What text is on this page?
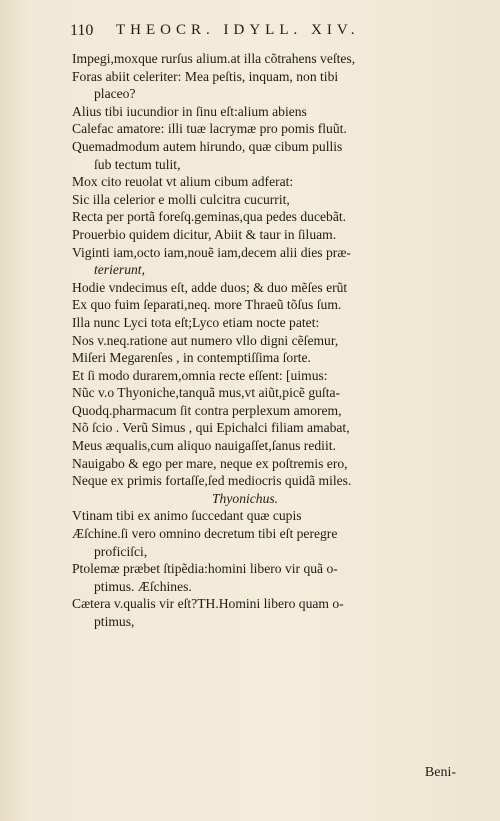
110 THEOCR. IDYLL. XIV.
Impegi,moxque rurſus alium.at illa cõtrahens veſtes,
Foras abiit celeriter: Mea peſtis, inquam, non tibi
placeo?
Alius tibi iucundior in ſinu eſt:alium abiens
Calefac amatore: illi tuæ lacrymæ pro pomis fluũt.
Quemadmodum autem hirundo, quæ cibum pullis
ſub tectum tulit,
Mox cito reuolat vt alium cibum adferat:
Sic illa celerior e molli culcitra cucurrit,
Recta per portã foreſq.geminas,qua pedes ducebãt.
Prouerbio quidem dicitur, Abiit & taur in ſiluam.
Viginti iam,octo iam,nouẽ iam,decem alii dies præ-
terierunt,
Hodie vndecimus eſt, adde duos; & duo mẽſes erũt
Ex quo fuim ſeparati,neq. more Thraeũ tõſus ſum.
Illa nunc Lyci tota eſt;Lyco etiam nocte patet:
Nos v.neq.ratione aut numero vllo digni cẽſemur,
Miſeri Megarenſes , in contemptiſſima ſorte.
Et ſi modo durarem,omnia recte eſſent: [uimus:
Nũc v.o Thyoniche,tanquã mus,vt aiũt,picẽ guſta-
Quodq.pharmacum ſit contra perplexum amorem,
Nõ ſcio . Verũ Simus , qui Epichalci filiam amabat,
Meus æqualis,cum aliquo nauigaſſet,ſanus rediit.
Nauigabo & ego per mare, neque ex poſtremis ero,
Neque ex primis fortaſſe,ſed mediocris quidã miles.
Thyonichus.
Vtinam tibi ex animo ſuccedant quæ cupis
Æſchine.ſi vero omnino decretum tibi eſt peregre
proficiſci,
Ptolemæ præbet ſtipẽdia:homini libero vir quã o-
ptimus. Æſchines.
Cætera v.qualis vir eſt?TH.Homini libero quam o-
ptimus,
Beni-
